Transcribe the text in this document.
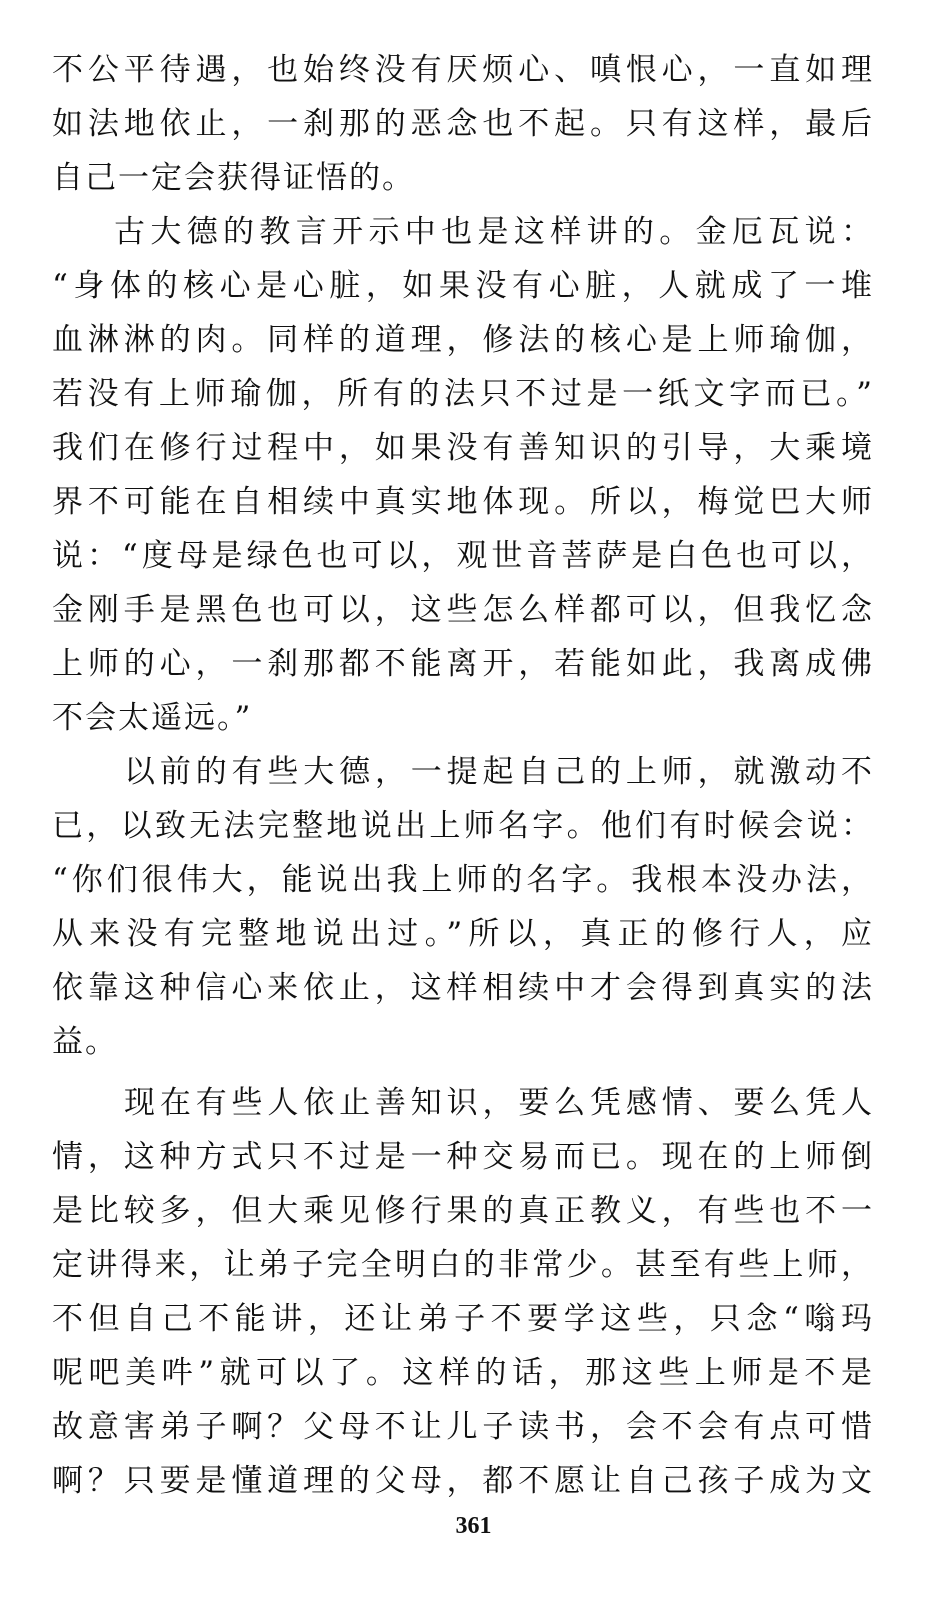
不公平待遇，也始终没有厌烦心、嗔恨心，一直如理
如法地依止，一刹那的恶念也不起。只有这样，最后
自己一定会获得证悟的。
古大德的教言开示中也是这样讲的。金厄瓦说：
“身体的核心是心脏，如果没有心脏，人就成了一堆
血淋淋的肉。同样的道理，修法的核心是上师瑜伽，
若没有上师瑜伽，所有的法只不过是一纸文字而已。”
我们在修行过程中，如果没有善知识的引导，大乘境
界不可能在自相续中真实地体现。所以，梅觉巴大师
说：“度母是绿色也可以，观世音菩萨是白色也可以，
金刚手是黑色也可以，这些怎么样都可以，但我忆念
上师的心，一刹那都不能离开，若能如此，我离成佛
不会太遥远。”
以前的有些大德，一提起自己的上师，就激动不
已，以致无法完整地说出上师名字。他们有时候会说：
“你们很伟大，能说出我上师的名字。我根本没办法，
从来没有完整地说出过。”所以，真正的修行人，应
依靠这种信心来依止，这样相续中才会得到真实的法
益。
现在有些人依止善知识，要么凭感情、要么凭人
情，这种方式只不过是一种交易而已。现在的上师倒
是比较多，但大乘见修行果的真正教义，有些也不一
定讲得来，让弟子完全明白的非常少。甚至有些上师，
不但自己不能讲，还让弟子不要学这些，只念“嗡玛
呢吧美吽”就可以了。这样的话，那这些上师是不是
故意害弟子啊？父母不让儿子读书，会不会有点可惜
啊？只要是懂道理的父母，都不愿让自己孩子成为文
361
